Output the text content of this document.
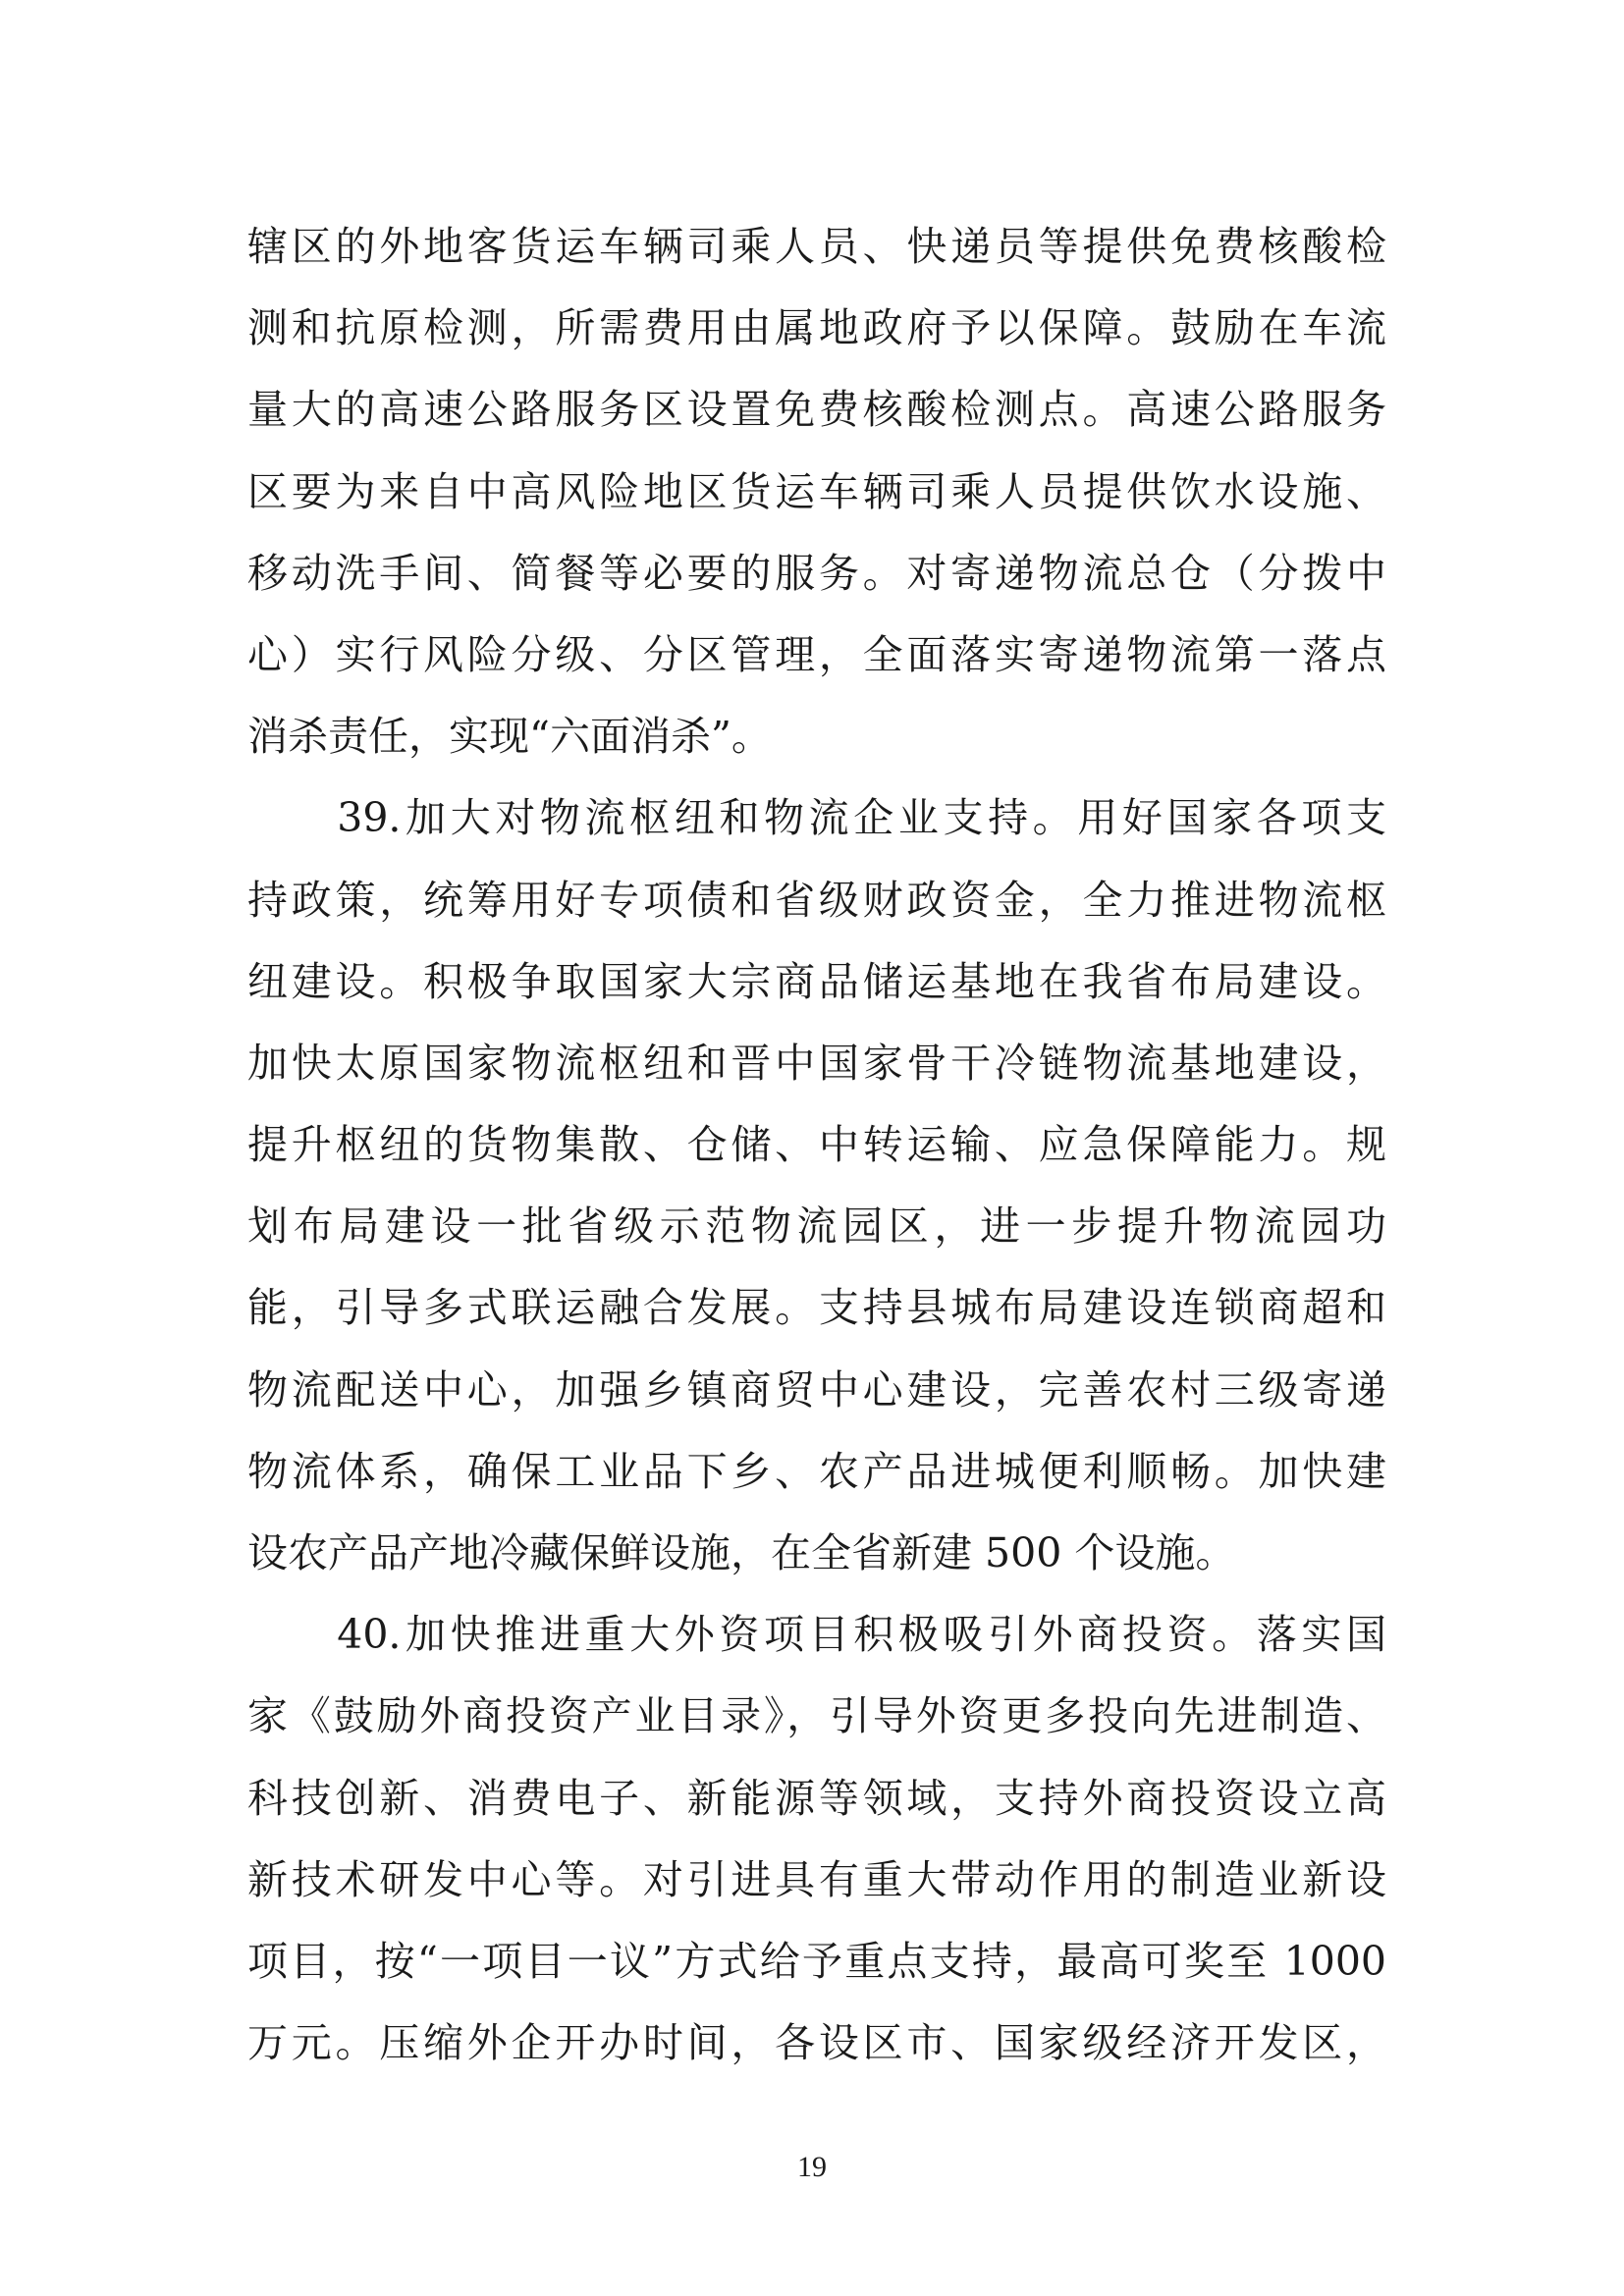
辖区的外地客货运车辆司乘人员、快递员等提供免费核酸检
测和抗原检测，所需费用由属地政府予以保障。鼓励在车流
量大的高速公路服务区设置免费核酸检测点。高速公路服务
区要为来自中高风险地区货运车辆司乘人员提供饮水设施、
移动洗手间、简餐等必要的服务。对寄递物流总仓（分拨中
心）实行风险分级、分区管理，全面落实寄递物流第一落点
消杀责任，实现“六面消杀”。
　　39.加大对物流枢纽和物流企业支持。用好国家各项支
持政策，统筹用好专项债和省级财政资金，全力推进物流枢
纽建设。积极争取国家大宗商品储运基地在我省布局建设。
加快太原国家物流枢纽和晋中国家骨干冷链物流基地建设，
提升枢纽的货物集散、仓储、中转运输、应急保障能力。规
划布局建设一批省级示范物流园区，进一步提升物流园功
能，引导多式联运融合发展。支持县城布局建设连锁商超和
物流配送中心，加强乡镇商贸中心建设，完善农村三级寄递
物流体系，确保工业品下乡、农产品进城便利顺畅。加快建
设农产品产地冷藏保鲜设施，在全省新建 500 个设施。
　　40.加快推进重大外资项目积极吸引外商投资。落实国
家《鼓励外商投资产业目录》，引导外资更多投向先进制造、
科技创新、消费电子、新能源等领域，支持外商投资设立高
新技术研发中心等。对引进具有重大带动作用的制造业新设
项目，按“一项目一议”方式给予重点支持，最高可奖至 1000
万元。压缩外企开办时间，各设区市、国家级经济开发区，
19
